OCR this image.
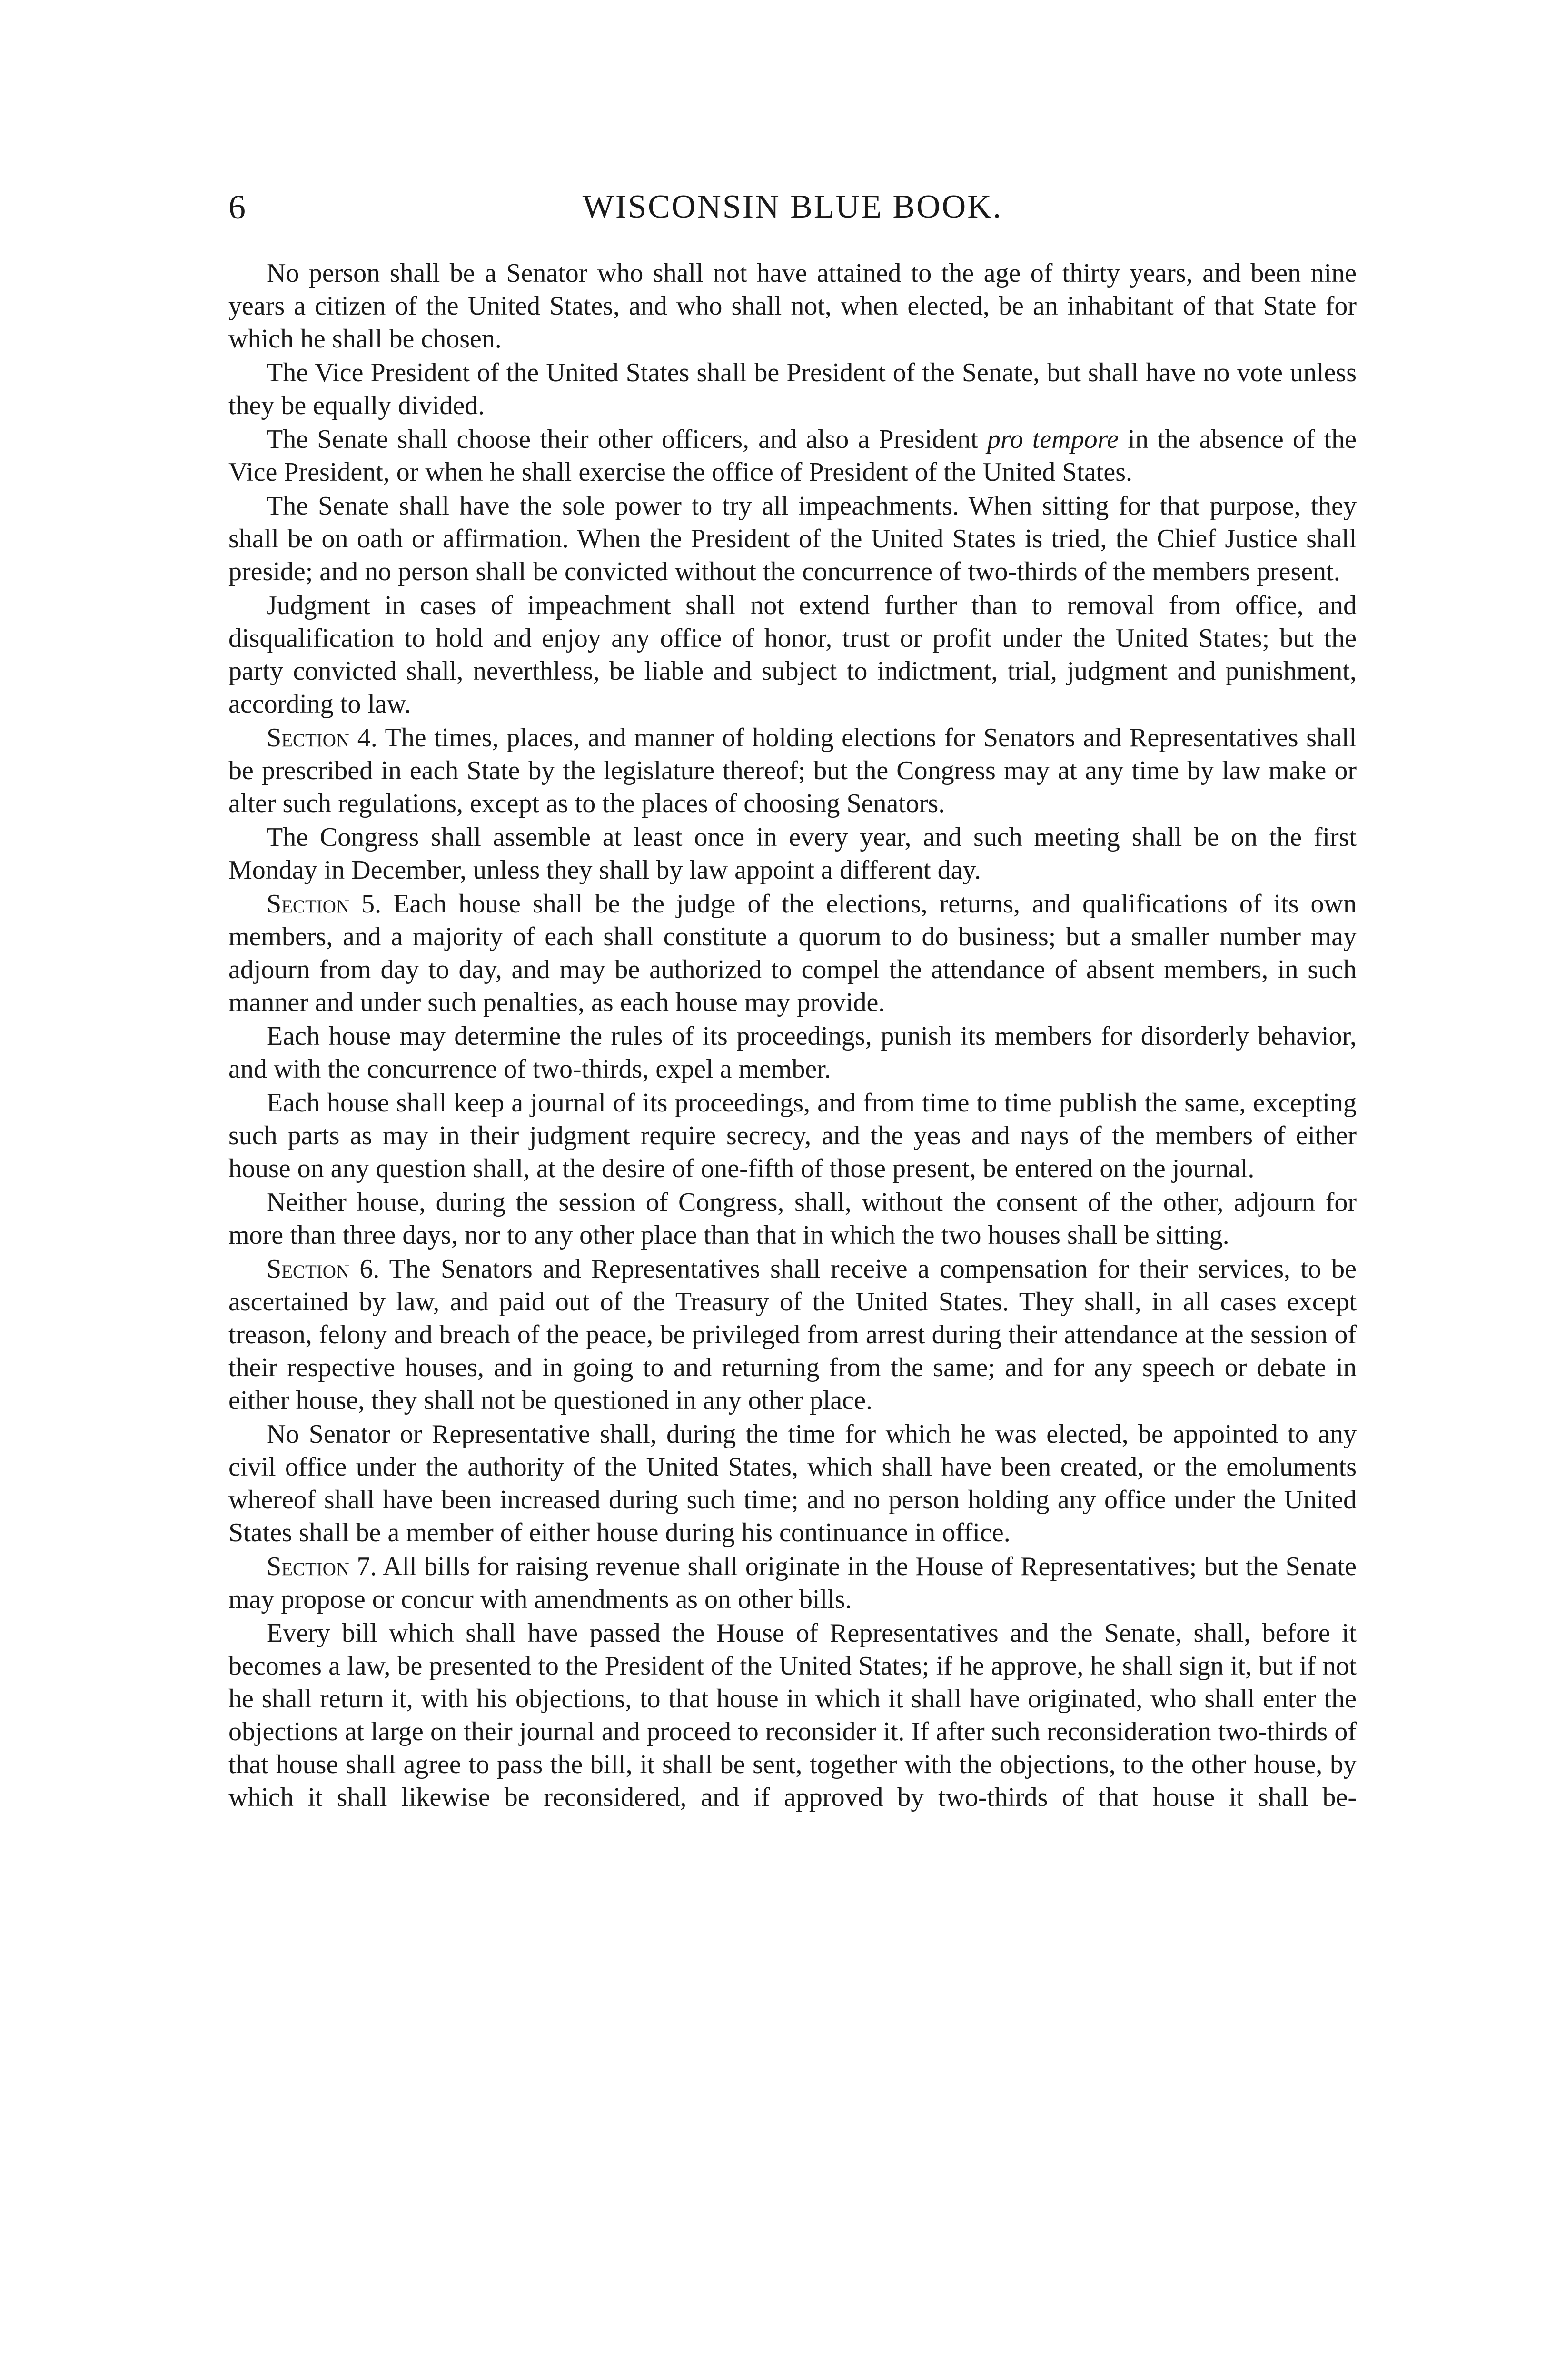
6	WISCONSIN BLUE BOOK.

No person shall be a Senator who shall not have attained to the age of thirty years, and been nine years a citizen of the United States, and who shall not, when elected, be an inhabitant of that State for which he shall be chosen.

The Vice President of the United States shall be President of the Senate, but shall have no vote unless they be equally divided.

The Senate shall choose their other officers, and also a President pro tempore in the absence of the Vice President, or when he shall exercise the office of President of the United States.

The Senate shall have the sole power to try all impeachments. When sitting for that purpose, they shall be on oath or affirmation. When the President of the United States is tried, the Chief Justice shall preside; and no person shall be convicted without the concurrence of two-thirds of the members present.

Judgment in cases of impeachment shall not extend further than to removal from office, and disqualification to hold and enjoy any office of honor, trust or profit under the United States; but the party convicted shall, neverthless, be liable and subject to indictment, trial, judgment and punishment, according to law.

Section 4. The times, places, and manner of holding elections for Senators and Representatives shall be prescribed in each State by the legislature thereof; but the Congress may at any time by law make or alter such regulations, except as to the places of choosing Senators.

The Congress shall assemble at least once in every year, and such meeting shall be on the first Monday in December, unless they shall by law appoint a different day.

Section 5. Each house shall be the judge of the elections, returns, and qualifications of its own members, and a majority of each shall constitute a quorum to do business; but a smaller number may adjourn from day to day, and may be authorized to compel the attendance of absent members, in such manner and under such penalties, as each house may provide.

Each house may determine the rules of its proceedings, punish its members for disorderly behavior, and with the concurrence of two-thirds, expel a member.

Each house shall keep a journal of its proceedings, and from time to time publish the same, excepting such parts as may in their judgment require secrecy, and the yeas and nays of the members of either house on any question shall, at the desire of one-fifth of those present, be entered on the journal.

Neither house, during the session of Congress, shall, without the consent of the other, adjourn for more than three days, nor to any other place than that in which the two houses shall be sitting.

Section 6. The Senators and Representatives shall receive a compensation for their services, to be ascertained by law, and paid out of the Treasury of the United States. They shall, in all cases except treason, felony and breach of the peace, be privileged from arrest during their attendance at the session of their respective houses, and in going to and returning from the same; and for any speech or debate in either house, they shall not be questioned in any other place.

No Senator or Representative shall, during the time for which he was elected, be appointed to any civil office under the authority of the United States, which shall have been created, or the emoluments whereof shall have been increased during such time; and no person holding any office under the United States shall be a member of either house during his continuance in office.

Section 7. All bills for raising revenue shall originate in the House of Representatives; but the Senate may propose or concur with amendments as on other bills.

Every bill which shall have passed the House of Representatives and the Senate, shall, before it becomes a law, be presented to the President of the United States; if he approve, he shall sign it, but if not he shall return it, with his objections, to that house in which it shall have originated, who shall enter the objections at large on their journal and proceed to reconsider it. If after such reconsideration two-thirds of that house shall agree to pass the bill, it shall be sent, together with the objections, to the other house, by which it shall likewise be reconsidered, and if approved by two-thirds of that house it shall be-
